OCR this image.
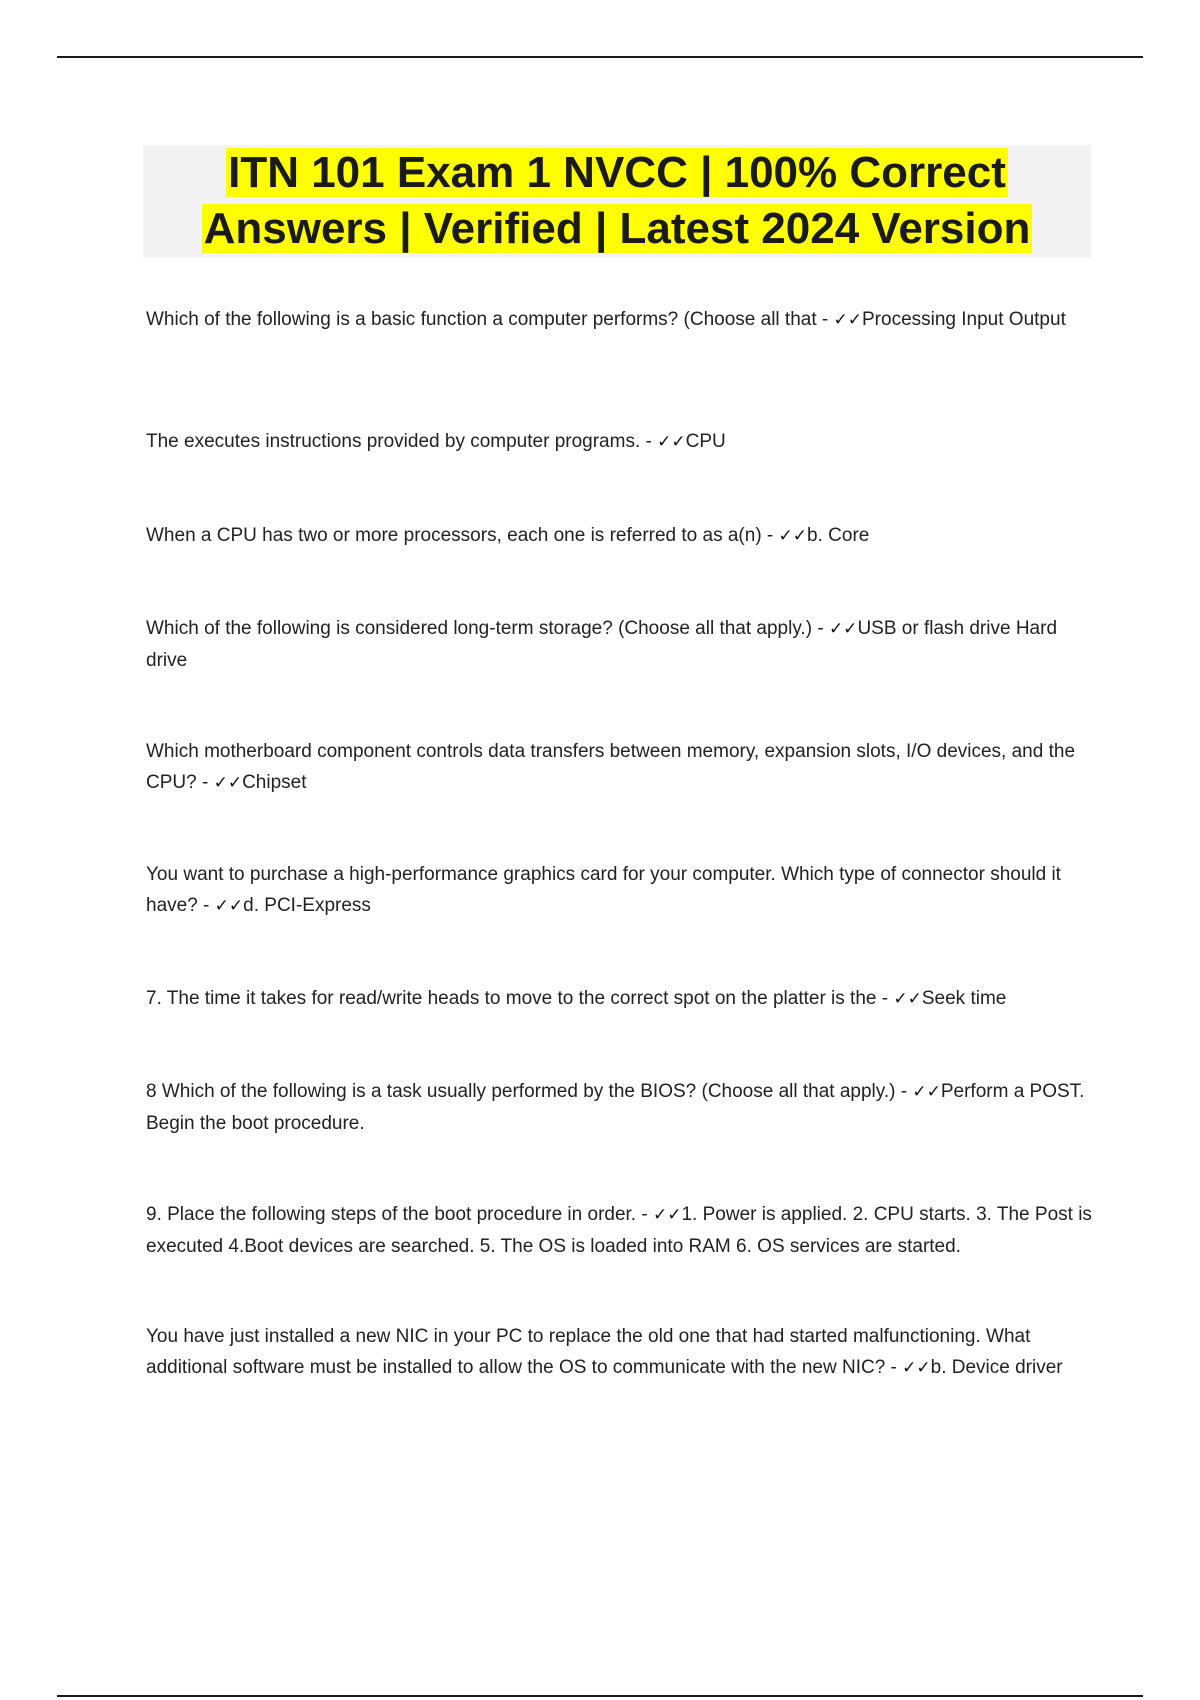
ITN 101 Exam 1 NVCC | 100% Correct
Answers | Verified | Latest 2024 Version

Which of the following is a basic function a computer performs? (Choose all that - ✓✓Processing Input Output

The executes instructions provided by computer programs. - ✓✓CPU

When a CPU has two or more processors, each one is referred to as a(n) - ✓✓b. Core

Which of the following is considered long-term storage? (Choose all that apply.) - ✓✓USB or flash drive Hard drive

Which motherboard component controls data transfers between memory, expansion slots, I/O devices, and the CPU? - ✓✓Chipset

You want to purchase a high-performance graphics card for your computer. Which type of connector should it have? - ✓✓d. PCI-Express

7. The time it takes for read/write heads to move to the correct spot on the platter is the - ✓✓Seek time

8 Which of the following is a task usually performed by the BIOS? (Choose all that apply.) - ✓✓Perform a POST. Begin the boot procedure.

9. Place the following steps of the boot procedure in order. - ✓✓1. Power is applied. 2. CPU starts. 3. The Post is executed 4.Boot devices are searched. 5. The OS is loaded into RAM 6. OS services are started.

You have just installed a new NIC in your PC to replace the old one that had started malfunctioning. What additional software must be installed to allow the OS to communicate with the new NIC? - ✓✓b. Device driver
